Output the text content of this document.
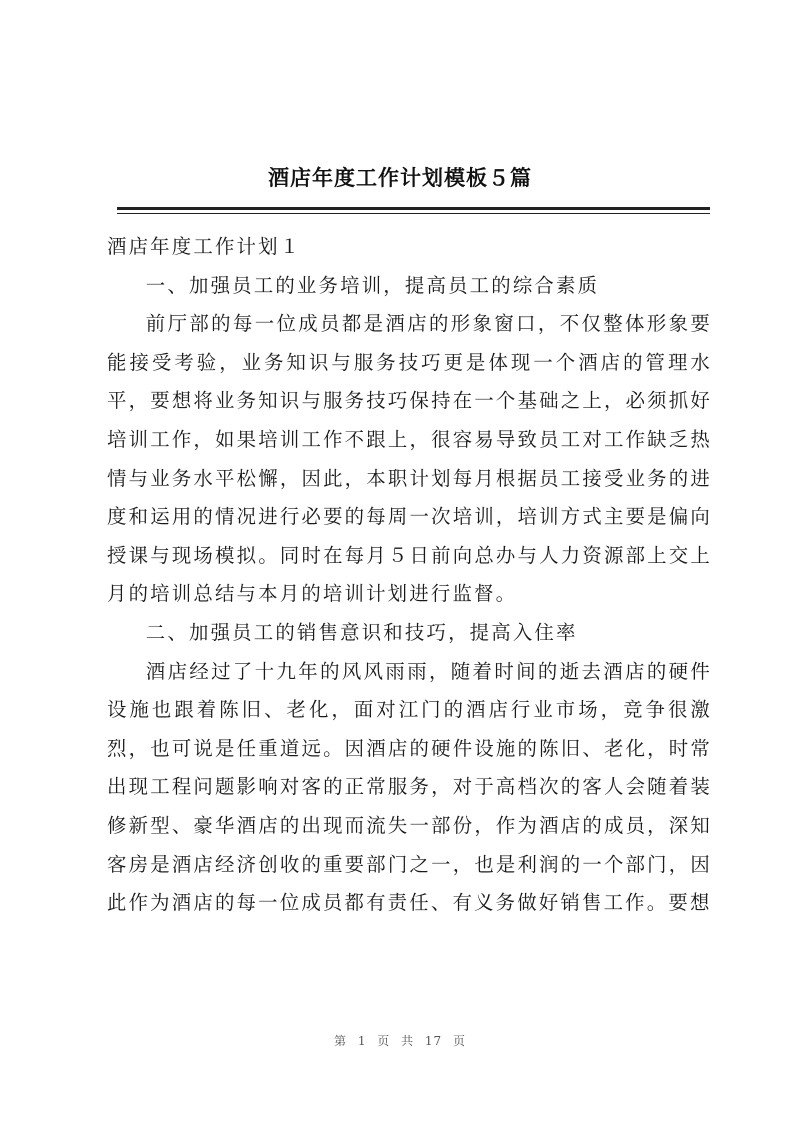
酒店年度工作计划模板５篇

酒店年度工作计划１

一、加强员工的业务培训，提高员工的综合素质

前厅部的每一位成员都是酒店的形象窗口，不仅整体形象要能接受考验，业务知识与服务技巧更是体现一个酒店的管理水平，要想将业务知识与服务技巧保持在一个基础之上，必须抓好培训工作，如果培训工作不跟上，很容易导致员工对工作缺乏热情与业务水平松懈，因此，本职计划每月根据员工接受业务的进度和运用的情况进行必要的每周一次培训，培训方式主要是偏向授课与现场模拟。同时在每月５日前向总办与人力资源部上交上月的培训总结与本月的培训计划进行监督。

二、加强员工的销售意识和技巧，提高入住率

酒店经过了十九年的风风雨雨，随着时间的逝去酒店的硬件设施也跟着陈旧、老化，面对江门的酒店行业市场，竞争很激烈，也可说是任重道远。因酒店的硬件设施的陈旧、老化，时常出现工程问题影响对客的正常服务，对于高档次的客人会随着装修新型、豪华酒店的出现而流失一部份，作为酒店的成员，深知客房是酒店经济创收的重要部门之一，也是利润的一个部门，因此作为酒店的每一位成员都有责任、有义务做好销售工作。要想

第 1 页 共 17 页
